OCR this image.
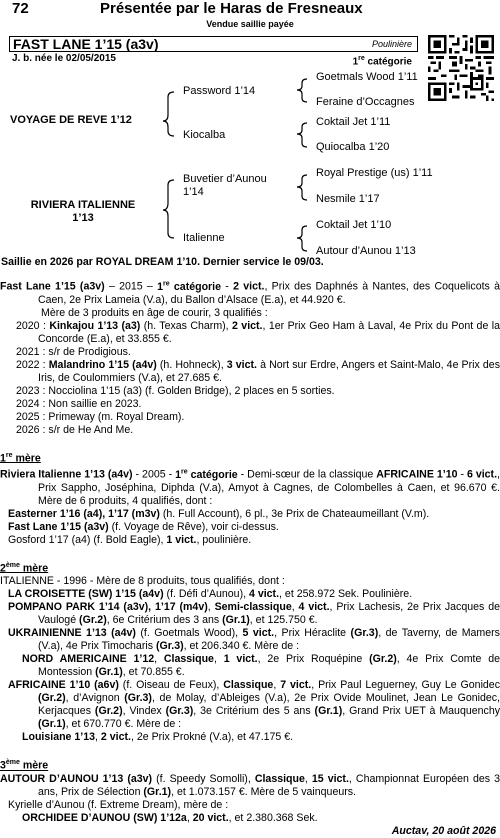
72	Présentée par le Haras de Fresneaux
Vendue saillie payée
FAST LANE 1’15 (a3v)	Poulinière
J. b. née le 02/05/2015	1re catégorie
VOYAGE DE REVE 1’12
RIVIERA ITALIENNE
1’13
Password 1’14
Kiocalba
Buvetier d’Aunou
1’14
Italienne
Goetmals Wood 1’11
Feraine d’Occagnes
Coktail Jet 1’11
Quiocalba 1’20
Royal Prestige (us) 1’11
Nesmile 1’17
Coktail Jet 1’10
Autour d’Aunou 1’13

Saillie en 2026 par ROYAL DREAM 1’10. Dernier service le 09/03.

Fast Lane 1’15 (a3v) – 2015 – 1re catégorie - 2 vict., Prix des Daphnés à Nantes, des Coquelicots à Caen, 2e Prix Lameia (V.a), du Ballon d’Alsace (E.a), et 44.920 €.

Mère de 3 produits en âge de courir, 3 qualifiés :

2020 : Kinkajou 1’13 (a3) (h. Texas Charm), 2 vict., 1er Prix Geo Ham à Laval, 4e Prix du Pont de la Concorde (E.a), et 33.855 €.

2021 : s/r de Prodigious.

2022 : Malandrino 1’15 (a4v) (h. Hohneck), 3 vict. à Nort sur Erdre, Angers et Saint-Malo, 4e Prix des Iris, de Coulommiers (V.a), et 27.685 €.

2023 : Nocciolina 1’15 (a3) (f. Golden Bridge), 2 places en 5 sorties.

2024 : Non saillie en 2023.

2025 : Primeway (m. Royal Dream).

2026 : s/r de He And Me.

1re mère

Riviera Italienne 1’13 (a4v) - 2005 - 1re catégorie - Demi-sœur de la classique AFRICAINE 1’10 - 6 vict., Prix Sappho, Joséphina, Diphda (V.a), Amyot à Cagnes, de Colombelles à Caen, et 96.670 €. Mère de 6 produits, 4 qualifiés, dont :

Easterner 1’16 (a4), 1’17 (m3v) (h. Full Account), 6 pl., 3e Prix de Chateaumeillant (V.m).

Fast Lane 1’15 (a3v) (f. Voyage de Rêve), voir ci-dessus.

Gosford 1’17 (a4) (f. Bold Eagle), 1 vict., poulinière.

2ème mère

ITALIENNE - 1996 - Mère de 8 produits, tous qualifiés, dont :

LA CROISETTE (SW) 1’15 (a4v) (f. Défi d’Aunou), 4 vict., et 258.972 Sek. Poulinière.

POMPANO PARK 1’14 (a3v), 1’17 (m4v), Semi-classique, 4 vict., Prix Lachesis, 2e Prix Jacques de Vaulogé (Gr.2), 6e Critérium des 3 ans (Gr.1), et 125.750 €.

UKRAINIENNE 1’13 (a4v) (f. Goetmals Wood), 5 vict., Prix Héraclite (Gr.3), de Taverny, de Mamers (V.a), 4e Prix Timocharis (Gr.3), et 206.340 €. Mère de :

NORD AMERICAINE 1’12, Classique, 1 vict., 2e Prix Roquépine (Gr.2), 4e Prix Comte de Montession (Gr.1), et 70.855 €.

AFRICAINE 1’10 (a6v) (f. Oiseau de Feux), Classique, 7 vict., Prix Paul Leguerney, Guy Le Gonidec (Gr.2), d’Avignon (Gr.3), de Molay, d’Ableiges (V.a), 2e Prix Ovide Moulinet, Jean Le Gonidec, Kerjacques (Gr.2), Vindex (Gr.3), 3e Critérium des 5 ans (Gr.1), Grand Prix UET à Mauquenchy (Gr.1), et 670.770 €. Mère de :

Louisiane 1’13, 2 vict., 2e Prix Prokné (V.a), et 47.175 €.

3ème mère

AUTOUR D’AUNOU 1’13 (a3v) (f. Speedy Somolli), Classique, 15 vict., Championnat Européen des 3 ans, Prix de Sélection (Gr.1), et 1.073.157 €. Mère de 5 vainqueurs.

Kyrielle d’Aunou (f. Extreme Dream), mère de :

ORCHIDEE D’AUNOU (SW) 1’12a, 20 vict., et 2.380.368 Sek.

Auctav, 20 août 2026
